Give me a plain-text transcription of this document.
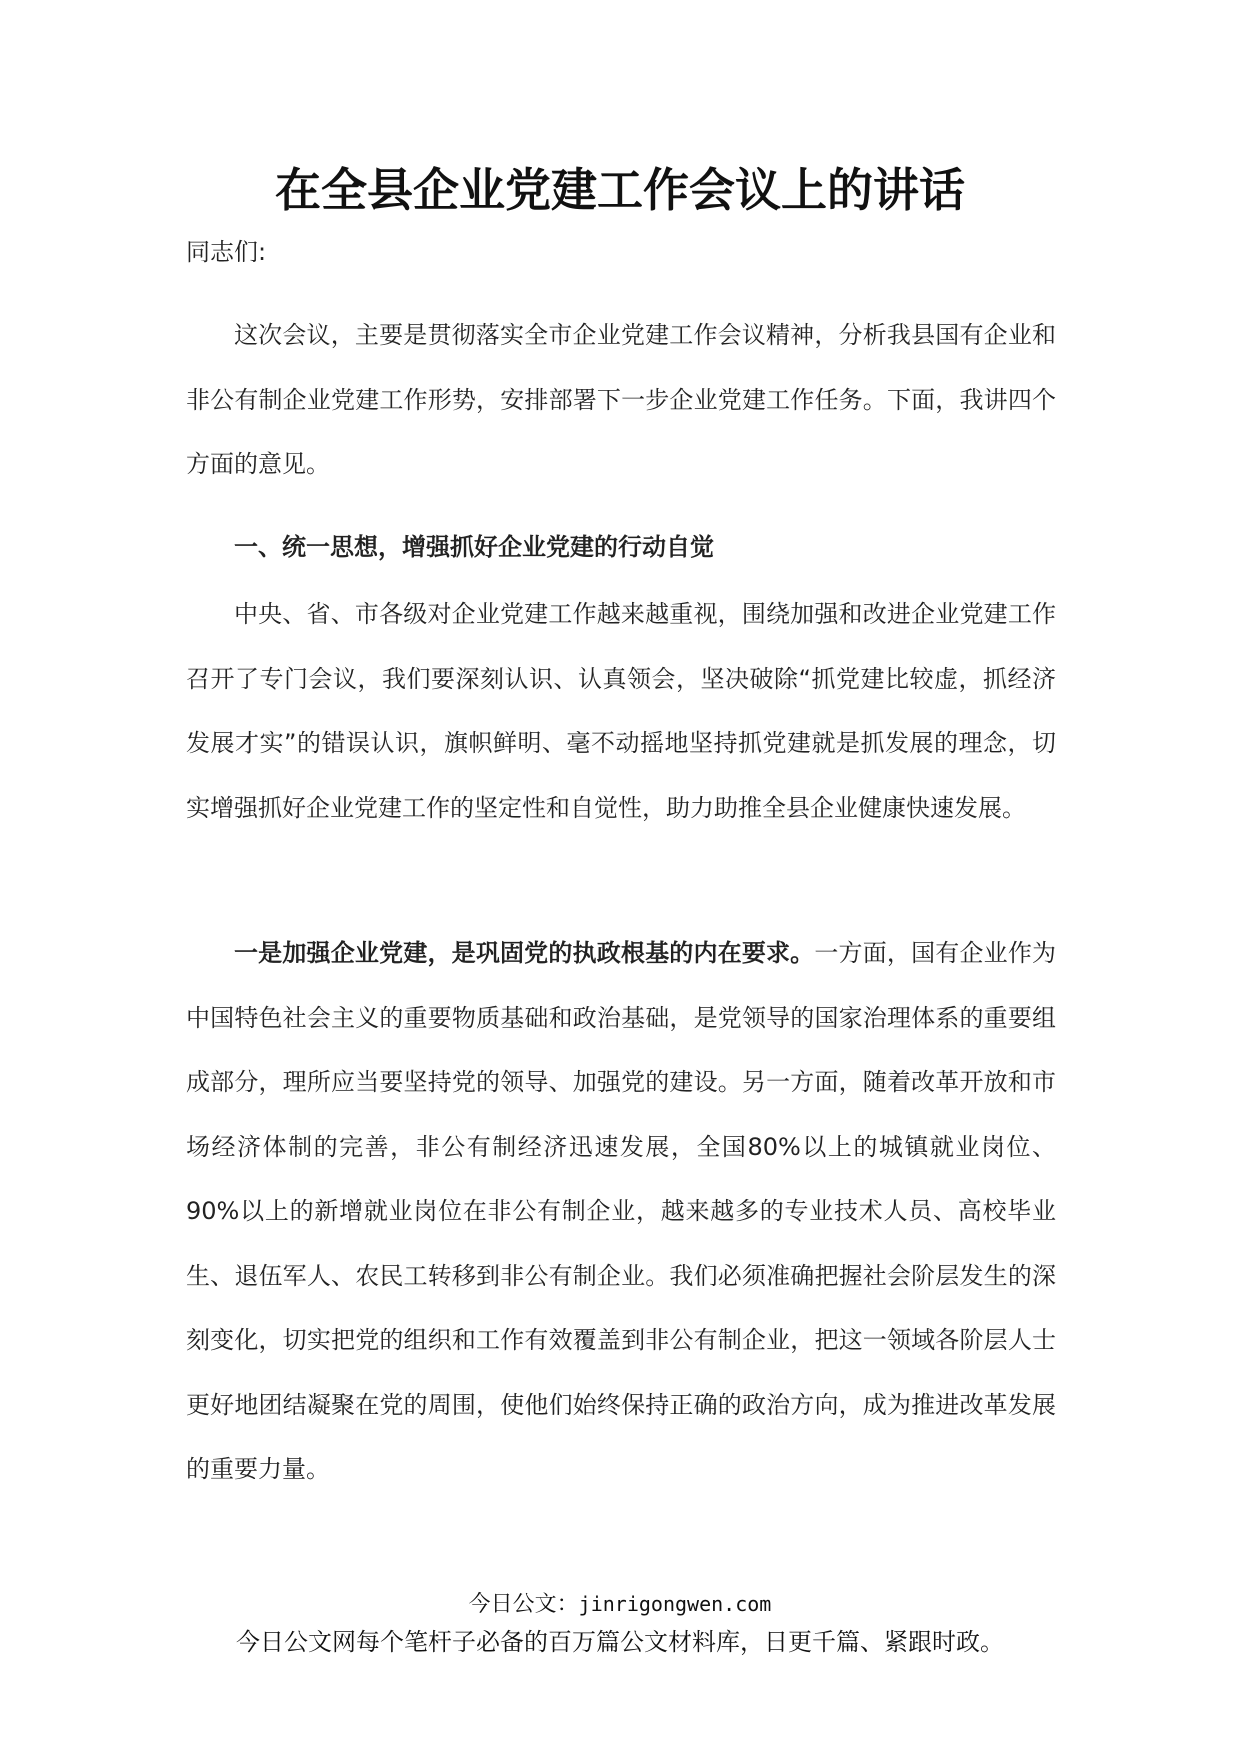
在全县企业党建工作会议上的讲话

同志们:

这次会议，主要是贯彻落实全市企业党建工作会议精神，分析我县国有企业和非公有制企业党建工作形势，安排部署下一步企业党建工作任务。下面，我讲四个方面的意见。

一、统一思想，增强抓好企业党建的行动自觉

中央、省、市各级对企业党建工作越来越重视，围绕加强和改进企业党建工作召开了专门会议，我们要深刻认识、认真领会，坚决破除“抓党建比较虚，抓经济发展才实”的错误认识，旗帜鲜明、毫不动摇地坚持抓党建就是抓发展的理念，切实增强抓好企业党建工作的坚定性和自觉性，助力助推全县企业健康快速发展。

一是加强企业党建，是巩固党的执政根基的内在要求。一方面，国有企业作为中国特色社会主义的重要物质基础和政治基础，是党领导的国家治理体系的重要组成部分，理所应当要坚持党的领导、加强党的建设。另一方面，随着改革开放和市场经济体制的完善，非公有制经济迅速发展，全国80%以上的城镇就业岗位、90%以上的新增就业岗位在非公有制企业，越来越多的专业技术人员、高校毕业生、退伍军人、农民工转移到非公有制企业。我们必须准确把握社会阶层发生的深刻变化，切实把党的组织和工作有效覆盖到非公有制企业，把这一领域各阶层人士更好地团结凝聚在党的周围，使他们始终保持正确的政治方向，成为推进改革发展的重要力量。

今日公文：jinrigongwen.com

今日公文网每个笔杆子必备的百万篇公文材料库，日更千篇、紧跟时政。
